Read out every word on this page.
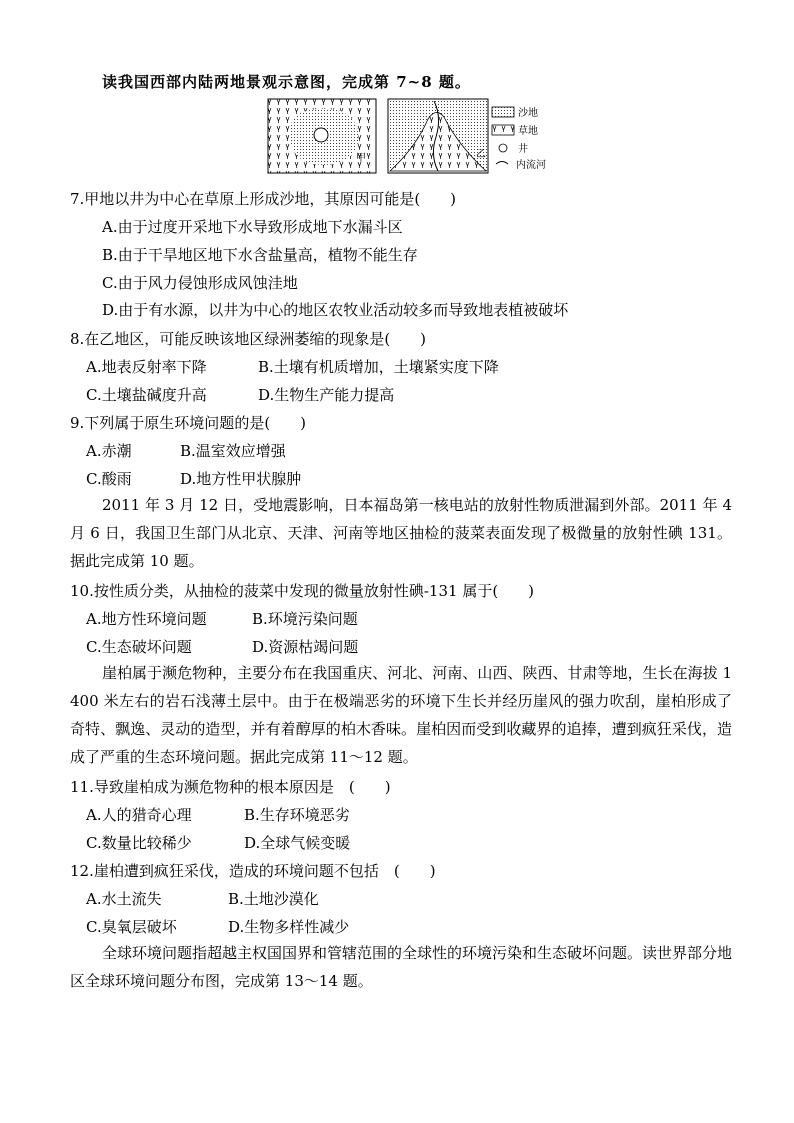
读我国西部内陆两地景观示意图，完成第 7~8 题。
甲	乙
沙地
草地
井
内流河
7.甲地以井为中心在草原上形成沙地，其原因可能是(　　)
A.由于过度开采地下水导致形成地下水漏斗区
B.由于干旱地区地下水含盐量高，植物不能生存
C.由于风力侵蚀形成风蚀洼地
D.由于有水源，以井为中心的地区农牧业活动较多而导致地表植被破坏
8.在乙地区，可能反映该地区绿洲萎缩的现象是(　　)
A.地表反射率下降	B.土壤有机质增加，土壤紧实度下降
C.土壤盐碱度升高	D.生物生产能力提高
9.下列属于原生环境问题的是(　　)
A.赤潮	B.温室效应增强
C.酸雨	D.地方性甲状腺肿
2011 年 3 月 12 日，受地震影响，日本福岛第一核电站的放射性物质泄漏到外部。2011 年 4 月 6 日，我国卫生部门从北京、天津、河南等地区抽检的菠菜表面发现了极微量的放射性碘 131。据此完成第 10 题。
10.按性质分类，从抽检的菠菜中发现的微量放射性碘-131 属于(　　)
A.地方性环境问题	B.环境污染问题
C.生态破坏问题	D.资源枯竭问题
崖柏属于濒危物种，主要分布在我国重庆、河北、河南、山西、陕西、甘肃等地，生长在海拔 1 400 米左右的岩石浅薄土层中。由于在极端恶劣的环境下生长并经历崖风的强力吹刮，崖柏形成了奇特、飘逸、灵动的造型，并有着醇厚的柏木香味。崖柏因而受到收藏界的追捧，遭到疯狂采伐，造成了严重的生态环境问题。据此完成第 11～12 题。
11.导致崖柏成为濒危物种的根本原因是　(　　)
A.人的猎奇心理	B.生存环境恶劣
C.数量比较稀少	D.全球气候变暖
12.崖柏遭到疯狂采伐，造成的环境问题不包括　(　　)
A.水土流失	B.土地沙漠化
C.臭氧层破坏	D.生物多样性减少
全球环境问题指超越主权国国界和管辖范围的全球性的环境污染和生态破坏问题。读世界部分地区全球环境问题分布图，完成第 13～14 题。
